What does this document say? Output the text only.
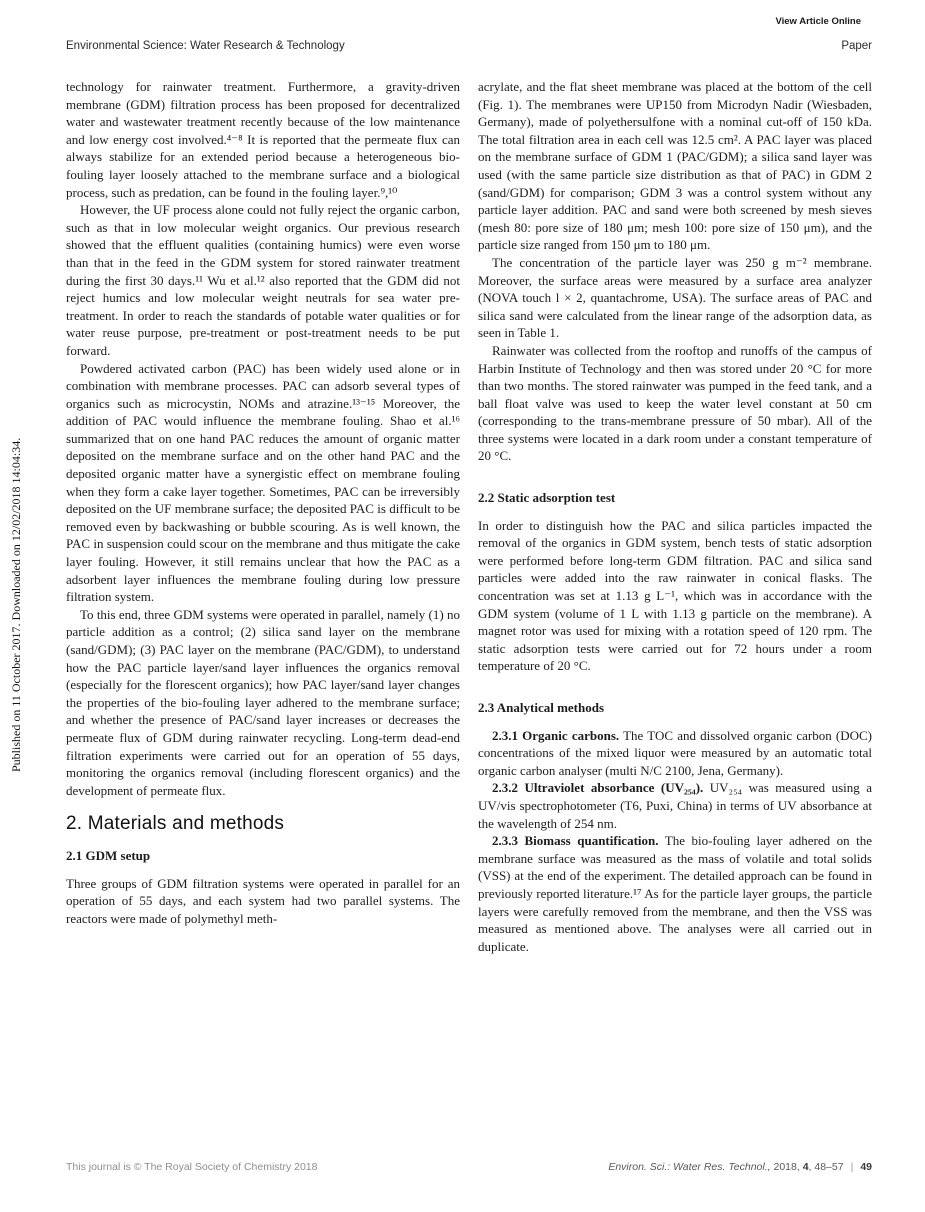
View Article Online
Environmental Science: Water Research & Technology	Paper
Published on 11 October 2017. Downloaded on 12/02/2018 14:04:34.

technology for rainwater treatment. Furthermore, a gravity-driven membrane (GDM) filtration process has been proposed for decentralized water and wastewater treatment recently because of the low maintenance and low energy cost involved.⁴⁻⁸ It is reported that the permeate flux can always stabilize for an extended period because a heterogeneous bio-fouling layer loosely attached to the membrane surface and a biological process, such as predation, can be found in the fouling layer.⁹,¹⁰

However, the UF process alone could not fully reject the organic carbon, such as that in low molecular weight organics. Our previous research showed that the effluent qualities (containing humics) were even worse than that in the feed in the GDM system for stored rainwater treatment during the first 30 days.¹¹ Wu et al.¹² also reported that the GDM did not reject humics and low molecular weight neutrals for sea water pre-treatment. In order to reach the standards of potable water qualities or for water reuse purpose, pre-treatment or post-treatment needs to be put forward.

Powdered activated carbon (PAC) has been widely used alone or in combination with membrane processes. PAC can adsorb several types of organics such as microcystin, NOMs and atrazine.¹³⁻¹⁵ Moreover, the addition of PAC would influence the membrane fouling. Shao et al.¹⁶ summarized that on one hand PAC reduces the amount of organic matter deposited on the membrane surface and on the other hand PAC and the deposited organic matter have a synergistic effect on membrane fouling when they form a cake layer together. Sometimes, PAC can be irreversibly deposited on the UF membrane surface; the deposited PAC is difficult to be removed even by backwashing or bubble scouring. As is well known, the PAC in suspension could scour on the membrane and thus mitigate the cake layer fouling. However, it still remains unclear that how the PAC as a adsorbent layer influences the membrane fouling during low pressure filtration system.

To this end, three GDM systems were operated in parallel, namely (1) no particle addition as a control; (2) silica sand layer on the membrane (sand/GDM); (3) PAC layer on the membrane (PAC/GDM), to understand how the PAC particle layer/sand layer influences the organics removal (especially for the florescent organics); how PAC layer/sand layer changes the properties of the bio-fouling layer adhered to the membrane surface; and whether the presence of PAC/sand layer increases or decreases the permeate flux of GDM during rainwater recycling. Long-term dead-end filtration experiments were carried out for an operation of 55 days, monitoring the organics removal (including florescent organics) and the development of permeate flux.

2. Materials and methods
2.1 GDM setup

Three groups of GDM filtration systems were operated in parallel for an operation of 55 days, and each system had two parallel systems. The reactors were made of polymethyl meth-

acrylate, and the flat sheet membrane was placed at the bottom of the cell (Fig. 1). The membranes were UP150 from Microdyn Nadir (Wiesbaden, Germany), made of polyethersulfone with a nominal cut-off of 150 kDa. The total filtration area in each cell was 12.5 cm². A PAC layer was placed on the membrane surface of GDM 1 (PAC/GDM); a silica sand layer was used (with the same particle size distribution as that of PAC) in GDM 2 (sand/GDM) for comparison; GDM 3 was a control system without any particle layer addition. PAC and sand were both screened by mesh sieves (mesh 80: pore size of 180 μm; mesh 100: pore size of 150 μm), and the particle size ranged from 150 μm to 180 μm.

The concentration of the particle layer was 250 g m⁻² membrane. Moreover, the surface areas were measured by a surface area analyzer (NOVA touch l × 2, quantachrome, USA). The surface areas of PAC and silica sand were calculated from the linear range of the adsorption data, as seen in Table 1.

Rainwater was collected from the rooftop and runoffs of the campus of Harbin Institute of Technology and then was stored under 20 °C for more than two months. The stored rainwater was pumped in the feed tank, and a ball float valve was used to keep the water level constant at 50 cm (corresponding to the trans-membrane pressure of 50 mbar). All of the three systems were located in a dark room under a constant temperature of 20 °C.

2.2 Static adsorption test

In order to distinguish how the PAC and silica particles impacted the removal of the organics in GDM system, bench tests of static adsorption were performed before long-term GDM filtration. PAC and silica sand particles were added into the raw rainwater in conical flasks. The concentration was set at 1.13 g L⁻¹, which was in accordance with the GDM system (volume of 1 L with 1.13 g particle on the membrane). A magnet rotor was used for mixing with a rotation speed of 120 rpm. The static adsorption tests were carried out for 72 hours under a room temperature of 20 °C.

2.3 Analytical methods

2.3.1 Organic carbons. The TOC and dissolved organic carbon (DOC) concentrations of the mixed liquor were measured by an automatic total organic carbon analyser (multi N/C 2100, Jena, Germany).

2.3.2 Ultraviolet absorbance (UV₂₅₄). UV₂₅₄ was measured using a UV/vis spectrophotometer (T6, Puxi, China) in terms of UV absorbance at the wavelength of 254 nm.

2.3.3 Biomass quantification. The bio-fouling layer adhered on the membrane surface was measured as the mass of volatile and total solids (VSS) at the end of the experiment. The detailed approach can be found in previously reported literature.¹⁷ As for the particle layer groups, the particle layers were carefully removed from the membrane, and then the VSS was measured as mentioned above. The analyses were all carried out in duplicate.

This journal is © The Royal Society of Chemistry 2018	Environ. Sci.: Water Res. Technol., 2018, 4, 48–57 | 49
